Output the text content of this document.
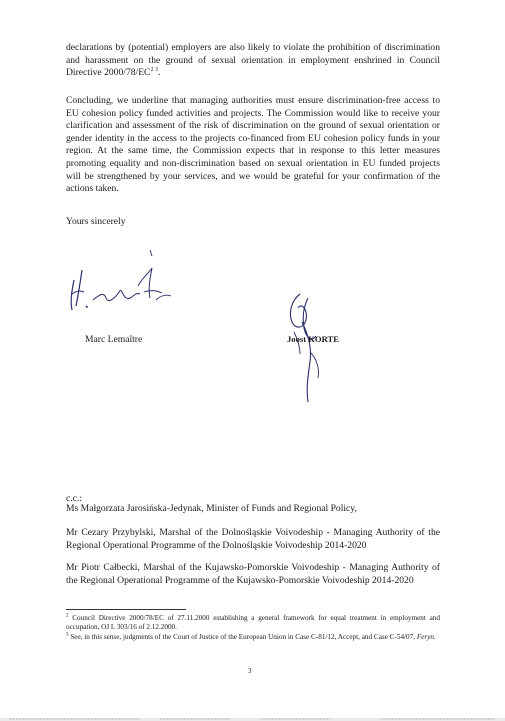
declarations by (potential) employers are also likely to violate the prohibition of discrimination and harassment on the ground of sexual orientation in employment enshrined in Council Directive $2000/78/EC^{2 3}$.
Concluding, we underline that managing authorities must ensure discrimination-free access to EU cohesion policy funded activities and projects. The Commission would like to receive your clarification and assessment of the risk of discrimination on the ground of sexual orientation or gender identity in the access to the projects co-financed from EU cohesion policy funds in your region. At the same time, the Commission expects that in response to this letter measures promoting equality and non-discrimination based on sexual orientation in EU funded projects will be strengthened by your services, and we would be grateful for your confirmation of the actions taken.
Yours sincerely
Marc Lemaître	Joost KORTE
c.c.:
Ms Małgorzata Jarosińska-Jedynak, Minister of Funds and Regional Policy,
Mr Cezary Przybylski, Marshal of the Dolnośląskie Voivodeship - Managing Authority of the Regional Operational Programme of the Dolnośląskie Voivodeship 2014-2020
Mr Piotr Całbecki, Marshal of the Kujawsko-Pomorskie Voivodeship - Managing Authority of the Regional Operational Programme of the Kujawsko-Pomorskie Voivodeship 2014-2020
$^2$ Council Directive 2000/78/EC of 27.11.2000 establishing a general framework for equal treatment in employment and occupation, OJ L 303/16 of 2.12.2000.
$^3$ See, in this sense, judgments of the Court of Justice of the European Union in Case C-81/12, Accept, and Case C-54/07, Feryn.
3
